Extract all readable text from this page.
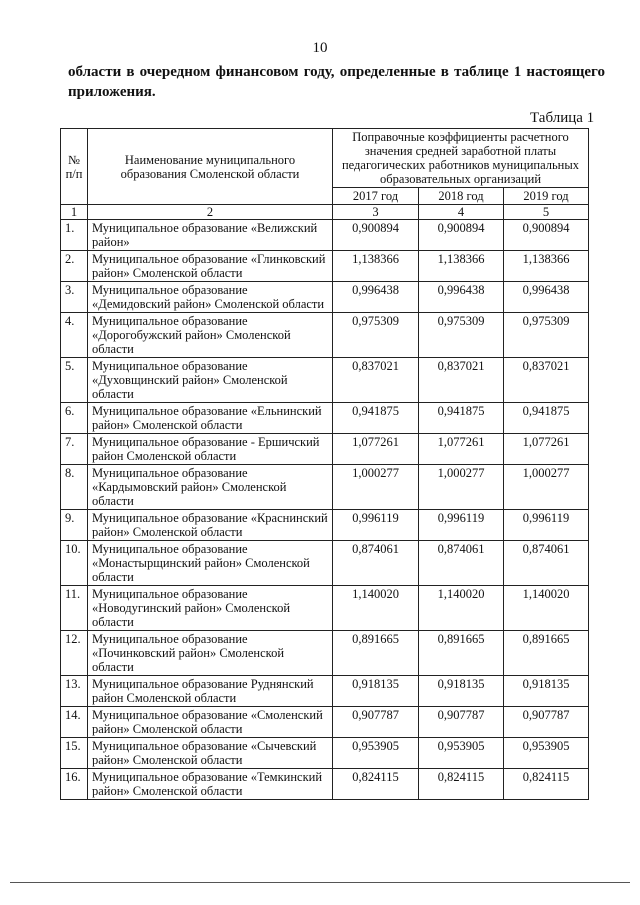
10
области в очередном финансовом году, определенные в таблице 1 настоящего приложения.
Таблица 1
№ п/п	Наименование муниципального образования Смоленской области	Поправочные коэффициенты расчетного значения средней заработной платы педагогических работников муниципальных образовательных организаций		
		2017 год	2018 год	2019 год
1	2	3	4	5
1.	Муниципальное образование «Велижский район»	0,900894	0,900894	0,900894
2.	Муниципальное образование «Глинковский район» Смоленской области	1,138366	1,138366	1,138366
3.	Муниципальное образование «Демидовский район» Смоленской области	0,996438	0,996438	0,996438
4.	Муниципальное образование «Дорогобужский район» Смоленской области	0,975309	0,975309	0,975309
5.	Муниципальное образование «Духовщинский район» Смоленской области	0,837021	0,837021	0,837021
6.	Муниципальное образование «Ельнинский район» Смоленской области	0,941875	0,941875	0,941875
7.	Муниципальное образование - Ершичский район Смоленской области	1,077261	1,077261	1,077261
8.	Муниципальное образование «Кардымовский район» Смоленской области	1,000277	1,000277	1,000277
9.	Муниципальное образование «Краснинский район» Смоленской области	0,996119	0,996119	0,996119
10.	Муниципальное образование «Монастырщинский район» Смоленской области	0,874061	0,874061	0,874061
11.	Муниципальное образование «Новодугинский район» Смоленской области	1,140020	1,140020	1,140020
12.	Муниципальное образование «Починковский район» Смоленской области	0,891665	0,891665	0,891665
13.	Муниципальное образование Руднянский район Смоленской области	0,918135	0,918135	0,918135
14.	Муниципальное образование «Смоленский район» Смоленской области	0,907787	0,907787	0,907787
15.	Муниципальное образование «Сычевский район» Смоленской области	0,953905	0,953905	0,953905
16.	Муниципальное образование «Темкинский район» Смоленской области	0,824115	0,824115	0,824115
